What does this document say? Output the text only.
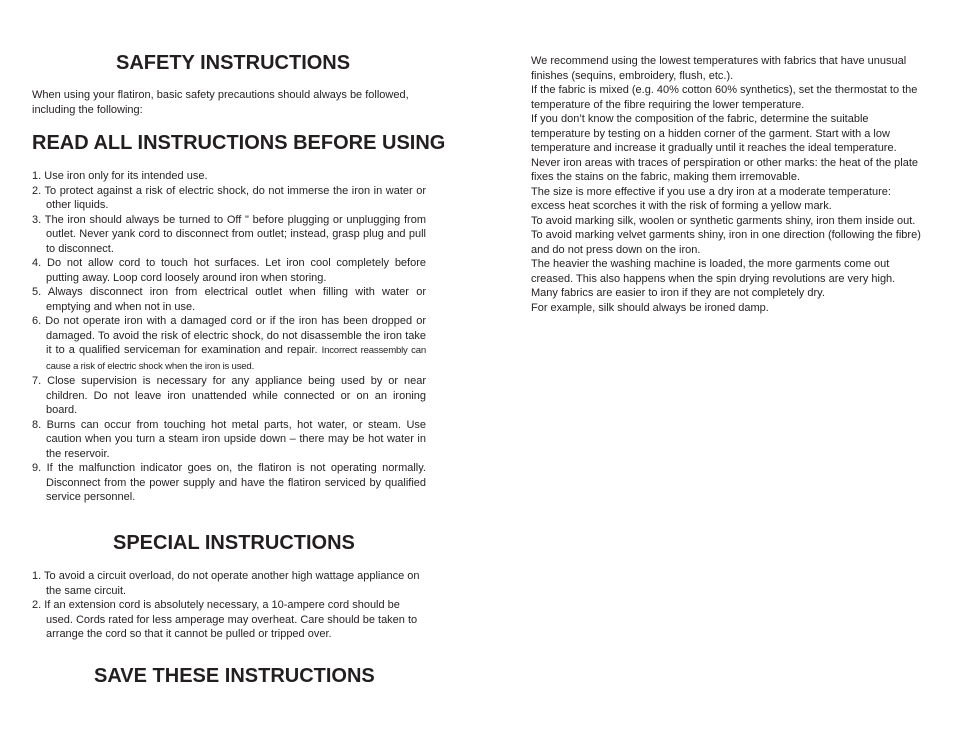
SAFETY INSTRUCTIONS

When using your flatiron, basic safety precautions should always be followed, including the following:

READ ALL INSTRUCTIONS BEFORE USING
1. Use iron only for its intended use.
2. To protect against a risk of electric shock, do not immerse the iron in water or other liquids.
3. The iron should always be turned to Off " before plugging or unplugging from outlet. Never yank cord to disconnect from outlet; instead, grasp plug and pull to disconnect.
4. Do not allow cord to touch hot surfaces. Let iron cool completely before putting away. Loop cord loosely around iron when storing.
5. Always disconnect iron from electrical outlet when filling with water or emptying and when not in use.
6. Do not operate iron with a damaged cord or if the iron has been dropped or damaged. To avoid the risk of electric shock, do not disassemble the iron take it to a qualified serviceman for examination and repair. Incorrect reassembly can cause a risk of electric shock when the iron is used.
7. Close supervision is necessary for any appliance being used by or near children. Do not leave iron unattended while connected or on an ironing board.
8. Burns can occur from touching hot metal parts, hot water, or steam. Use caution when you turn a steam iron upside down – there may be hot water in the reservoir.
9. If the malfunction indicator goes on, the flatiron is not operating normally. Disconnect from the power supply and have the flatiron serviced by qualified service personnel.
SPECIAL INSTRUCTIONS
1. To avoid a circuit overload, do not operate another high wattage appliance on the same circuit.
2. If an extension cord is absolutely necessary, a 10-ampere cord should be used. Cords rated for less amperage may overheat. Care should be taken to arrange the cord so that it cannot be pulled or tripped over.
SAVE THESE INSTRUCTIONS

We recommend using the lowest temperatures with fabrics that have unusual finishes (sequins, embroidery, flush, etc.).

If the fabric is mixed (e.g. 40% cotton 60% synthetics), set the thermostat to the temperature of the fibre requiring the lower temperature.

If you don’t know the composition of the fabric, determine the suitable temperature by testing on a hidden corner of the garment. Start with a low temperature and increase it gradually until it reaches the ideal temperature.

Never iron areas with traces of perspiration or other marks: the heat of the plate fixes the stains on the fabric, making them irremovable.

The size is more effective if you use a dry iron at a moderate temperature: excess heat scorches it with the risk of forming a yellow mark.

To avoid marking silk, woolen or synthetic garments shiny, iron them inside out.

To avoid marking velvet garments shiny, iron in one direction (following the fibre) and do not press down on the iron.

The heavier the washing machine is loaded, the more garments come out creased. This also happens when the spin drying revolutions are very high.

Many fabrics are easier to iron if they are not completely dry.

For example, silk should always be ironed damp.
